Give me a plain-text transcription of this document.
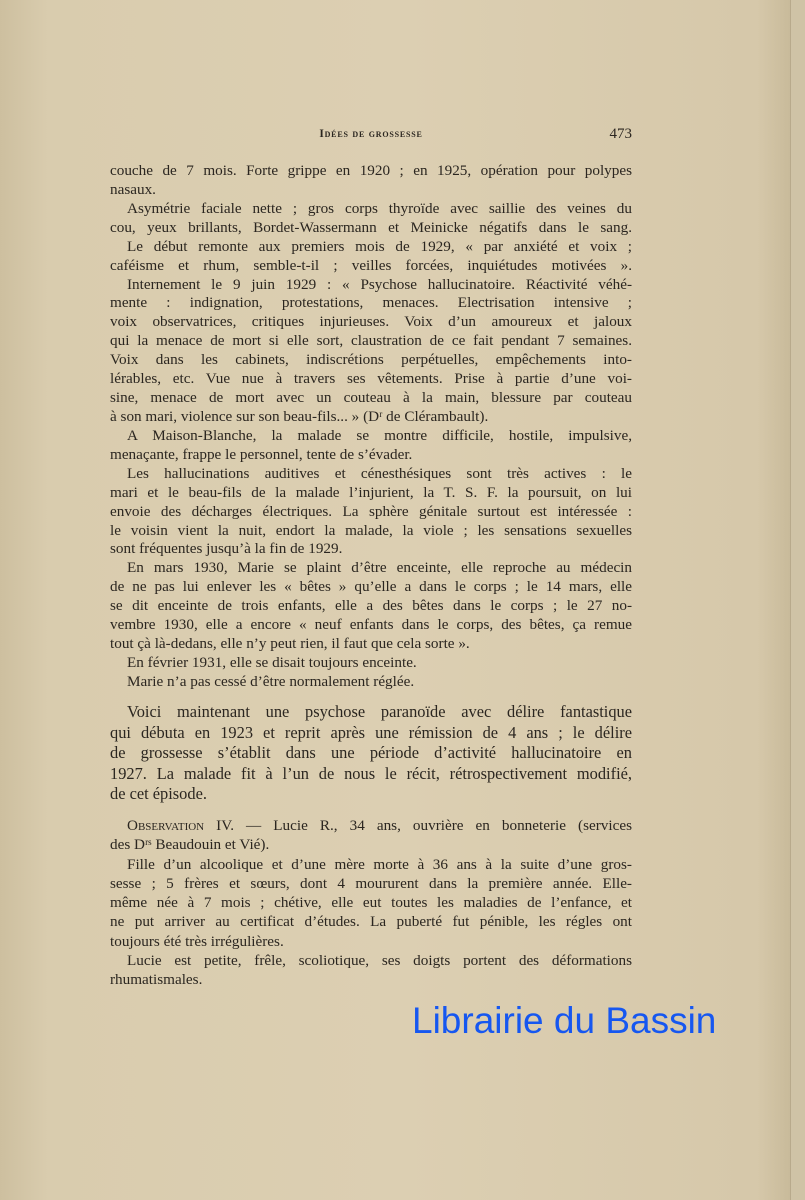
Idées de grossesse	473
couche de 7 mois. Forte grippe en 1920 ; en 1925, opération pour polypes
nasaux.
Asymétrie faciale nette ; gros corps thyroïde avec saillie des veines du
cou, yeux brillants, Bordet-Wassermann et Meinicke négatifs dans le sang.
Le début remonte aux premiers mois de 1929, « par anxiété et voix ;
caféisme et rhum, semble-t-il ; veilles forcées, inquiétudes motivées ».
Internement le 9 juin 1929 : « Psychose hallucinatoire. Réactivité véhé-
mente : indignation, protestations, menaces. Electrisation intensive ;
voix observatrices, critiques injurieuses. Voix d’un amoureux et jaloux
qui la menace de mort si elle sort, claustration de ce fait pendant 7 semaines.
Voix dans les cabinets, indiscrétions perpétuelles, empêchements into-
lérables, etc. Vue nue à travers ses vêtements. Prise à partie d’une voi-
sine, menace de mort avec un couteau à la main, blessure par couteau
à son mari, violence sur son beau-fils... » (Dʳ de Clérambault).
A Maison-Blanche, la malade se montre difficile, hostile, impulsive,
menaçante, frappe le personnel, tente de s’évader.
Les hallucinations auditives et cénesthésiques sont très actives : le
mari et le beau-fils de la malade l’injurient, la T. S. F. la poursuit, on lui
envoie des décharges électriques. La sphère génitale surtout est intéressée :
le voisin vient la nuit, endort la malade, la viole ; les sensations sexuelles
sont fréquentes jusqu’à la fin de 1929.
En mars 1930, Marie se plaint d’être enceinte, elle reproche au médecin
de ne pas lui enlever les « bêtes » qu’elle a dans le corps ; le 14 mars, elle
se dit enceinte de trois enfants, elle a des bêtes dans le corps ; le 27 no-
vembre 1930, elle a encore « neuf enfants dans le corps, des bêtes, ça remue
tout çà là-dedans, elle n’y peut rien, il faut que cela sorte ».
En février 1931, elle se disait toujours enceinte.
Marie n’a pas cessé d’être normalement réglée.
Voici maintenant une psychose paranoïde avec délire fantastique
qui débuta en 1923 et reprit après une rémission de 4 ans ; le délire
de grossesse s’établit dans une période d’activité hallucinatoire en
1927. La malade fit à l’un de nous le récit, rétrospectivement modifié,
de cet épisode.
Observation IV. — Lucie R., 34 ans, ouvrière en bonneterie (services
des Dʳˢ Beaudouin et Vié).
Fille d’un alcoolique et d’une mère morte à 36 ans à la suite d’une gros-
sesse ; 5 frères et sœurs, dont 4 moururent dans la première année. Elle-
même née à 7 mois ; chétive, elle eut toutes les maladies de l’enfance, et
ne put arriver au certificat d’études. La puberté fut pénible, les régles ont
toujours été très irrégulières.
Lucie est petite, frêle, scoliotique, ses doigts portent des déformations
rhumatismales.
Librairie du Bassin
